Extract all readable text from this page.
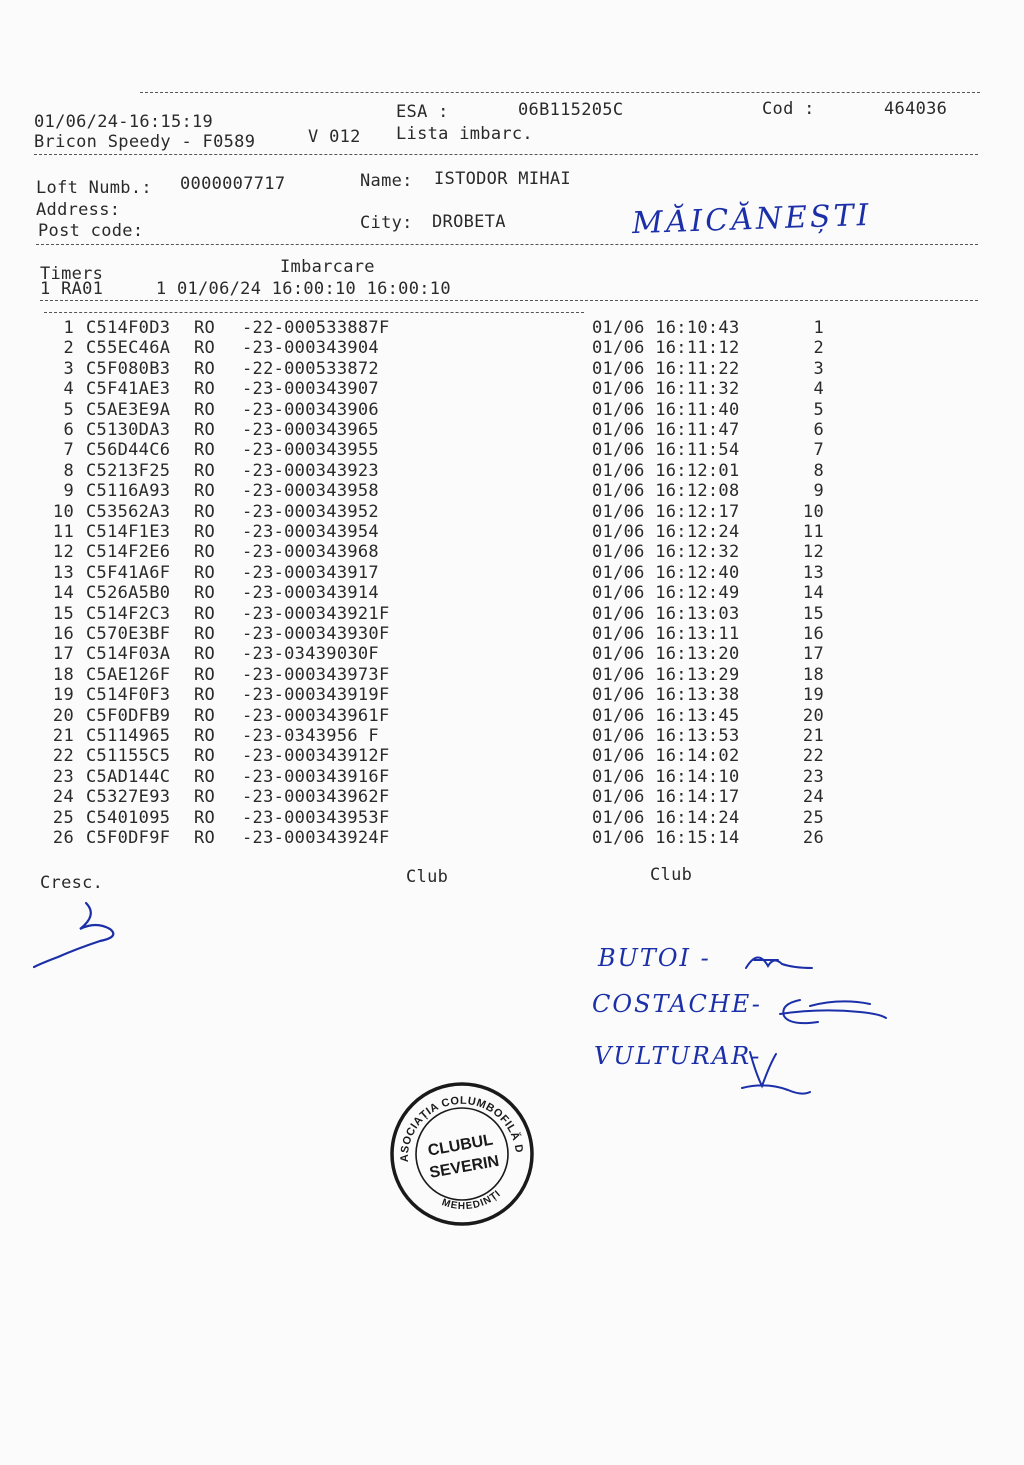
01/06/24-16:15:19	ESA :	06B115205C	Cod :	464036
Bricon Speedy - F0589	V 012 Lista imbarc.
Loft Numb.: 0000007717	Name: ISTODOR MIHAI
Address:
Post code:	City: DROBETA	MĂICĂNEȘTI
Timers	Imbarcare
1 RA01     1 01/06/24 16:00:10 16:00:10
1 C514F0D3 RO -22-000533887F	01/06 16:10:43	1
2 C55EC46A RO -23-000343904	01/06 16:11:12	2
3 C5F080B3 RO -22-000533872	01/06 16:11:22	3
4 C5F41AE3 RO -23-000343907	01/06 16:11:32	4
5 C5AE3E9A RO -23-000343906	01/06 16:11:40	5
6 C5130DA3 RO -23-000343965	01/06 16:11:47	6
7 C56D44C6 RO -23-000343955	01/06 16:11:54	7
8 C5213F25 RO -23-000343923	01/06 16:12:01	8
9 C5116A93 RO -23-000343958	01/06 16:12:08	9
10 C53562A3 RO -23-000343952	01/06 16:12:17	10
11 C514F1E3 RO -23-000343954	01/06 16:12:24	11
12 C514F2E6 RO -23-000343968	01/06 16:12:32	12
13 C5F41A6F RO -23-000343917	01/06 16:12:40	13
14 C526A5B0 RO -23-000343914	01/06 16:12:49	14
15 C514F2C3 RO -23-000343921F	01/06 16:13:03	15
16 C570E3BF RO -23-000343930F	01/06 16:13:11	16
17 C514F03A RO -23-03439030F	01/06 16:13:20	17
18 C5AE126F RO -23-000343973F	01/06 16:13:29	18
19 C514F0F3 RO -23-000343919F	01/06 16:13:38	19
20 C5F0DFB9 RO -23-000343961F	01/06 16:13:45	20
21 C5114965 RO -23-0343956 F	01/06 16:13:53	21
22 C51155C5 RO -23-000343912F	01/06 16:14:02	22
23 C5AD144C RO -23-000343916F	01/06 16:14:10	23
24 C5327E93 RO -23-000343962F	01/06 16:14:17	24
25 C5401095 RO -23-000343953F	01/06 16:14:24	25
26 C5F0DF9F RO -23-000343924F	01/06 16:15:14	26
Cresc.	Club	Club
BUTOI -
COSTACHE-
VULTURAR-
ASOCIAȚIA COLUMBOFILĂ D
CLUBUL
SEVERIN
MEHEDINȚI
